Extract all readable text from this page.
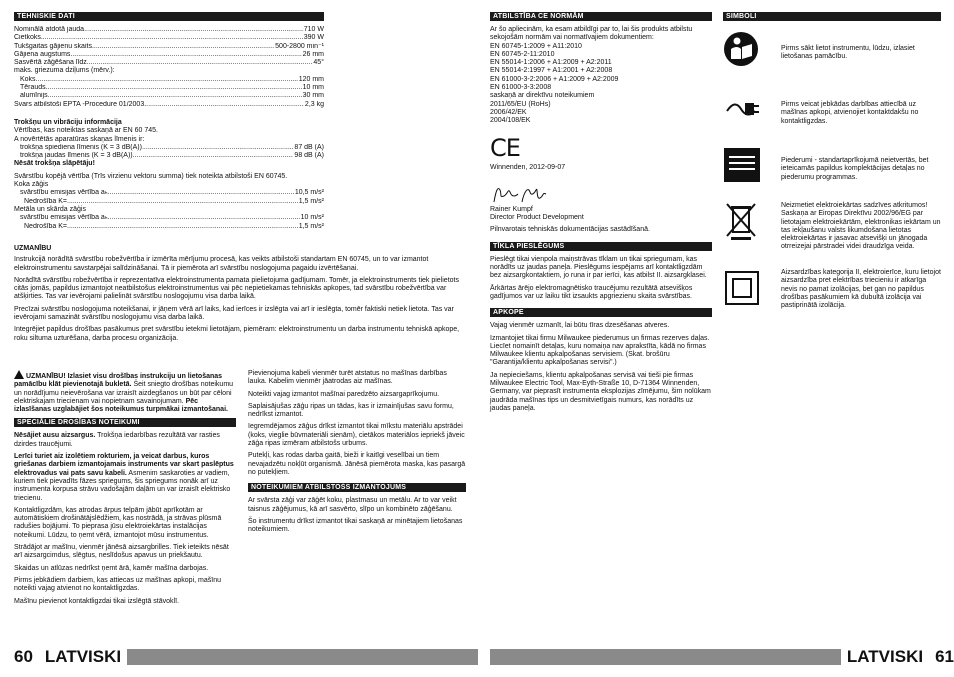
TEHNISKIE DATI
Nominālā atdotā jauda .....	710 W
Cietkoks .....	390 W
Tukšgaitas gājienu skaits .....	500-2800 min⁻¹
Gājiena augstums .....	26 mm
Sasvērtā zāģēšana līdz .....	45°
maks. griezuma dziļums (mērv.):
Koks .....	120 mm
Tērauds .....	10 mm
alumīnijs .....	30 mm
Svars atbilstoši EPTA -Procedure 01/2003 .....	2,3 kg
Trokšņu un vibrāciju informācija
Vērtības, kas noteiktas saskaņā ar EN 60 745.
A novērtētās aparatūras skaņas līmenis ir:
trokšņa spiediena līmenis (K = 3 dB(A)) .....	87 dB (A)
trokšņa jaudas līmenis (K = 3 dB(A)) .....	98 dB (A)
Nēsāt trokšņa slāpētāju!
Svārstību kopējā vērtība (Trīs virzienu vektoru summa) tiek noteikta atbilstoši EN 60745.
Koka zāģis
svārstību emisijas vērtība aₕ .....	10,5 m/s²
Nedrošība K= .....	1,5 m/s²
Metāla un skārda zāģis
svārstību emisijas vērtība aₕ .....	10 m/s²
Nedrošība K= .....	1,5 m/s²
UZMANĪBU

Instrukcijā norādītā svārstību robežvērtība ir izmērīta mērījumu procesā, kas veikts atbilstoši standartam EN 60745, un to var izmantot elektroinstrumentu savstarpējai salīdzināšanai. Tā ir piemērota arī svārstību noslogojuma pagaidu izvērtēšanai.

Norādītā svārstību robežvērtība ir reprezentatīva elektroinstrumenta pamata pielietojuma gadījumam. Tomēr, ja elektroinstruments tiek pielietots citās jomās, papildus izmantojot neatbilstošus elektroinstrumentus vai pēc nepietiekamas tehniskās apkopes, tad svārstību robežvērtība var atšķirties. Tas var ievērojami palielināt svārstību noslogojumu visa darba laikā.

Precīzai svārstību noslogojuma noteikšanai, ir jāņem vērā arī laiks, kad ierīces ir izslēgta vai arī ir ieslēgta, tomēr faktiski netiek lietota. Tas var ievērojami samazināt svārstību noslogojumu visa darba laikā.

Integrējiet papildus drošības pasākumus pret svārstību ietekmi lietotājam, piemēram: elektroinstrumentu un darba instrumentu tehniskā apkope, roku siltuma uzturēšana, darba procesu organizācija.

UZMANĪBU! Izlasiet visu drošības instrukciju un lietošanas pamācību klāt pievienotajā bukletā. Šeit sniegto drošības noteikumu un norādījumu neievērošana var izraisīt aizdegšanos un būt par cēloni elektriskajam triecienam vai nopietnam savainojumam. Pēc izlasīšanas uzglabājiet šos noteikumus turpmākai izmantošanai.

SPECIĀLIE DROŠĪBAS NOTEIKUMI

Nēsājiet ausu aizsargus. Trokšņa iedarbības rezultātā var rasties dzirdes traucējumi.

Lerīci turiet aiz izolētiem rokturiem, ja veicat darbus, kuros griešanas darbiem izmantojamais instruments var skart paslēptus elektrovadus vai pats savu kabeli. Asmenim saskaroties ar vadiem, kuriem tiek pievadīts fāzes spriegums, šis spriegums nonāk arī uz instrumenta korpusa strāvu vadošajām daļām un var izraisīt elektrisko triecienu.

Kontaktligzdām, kas atrodas ārpus telpām jābūt aprīkotām ar automātiskiem drošinātājslēdžiem, kas nostrādā, ja strāvas plūsmā radušies bojājumi. To pieprasa jūsu elektroiekārtas instalācijas noteikumi. Lūdzu, to ņemt vērā, izmantojot mūsu instrumentus.

Strādājot ar mašīnu, vienmēr jānēsā aizsargbrilles. Tiek ieteikts nēsāt arī aizsargcimdus, slēgtus, neslīdošus apavus un priekšautu.

Skaidas un atlūzas nedrīkst ņemt ārā, kamēr mašīna darbojas.

Pirms jebkādiem darbiem, kas attiecas uz mašīnas apkopi, mašīnu noteikti vajag atvienot no kontaktligzdas.

Mašīnu pievienot kontaktligzdai tikai izslēgtā stāvoklī.

Pievienojuma kabeli vienmēr turēt atstatus no mašīnas darbības lauka. Kabelim vienmēr jāatrodas aiz mašīnas.

Noteikti vajag izmantot mašīnai paredzēto aizsargaprīkojumu.

Saplaisājušas zāģu ripas un tādas, kas ir izmainījušas savu formu, nedrīkst izmantot.

Iegremdējamos zāģus drīkst izmantot tikai mīkstu materiālu apstrādei (koks, vieglie būvmateriāli sienām), cietākos materiālos iepriekš jāveic zāģa ripas izmēram atbilstošs urbums.

Putekļi, kas rodas darba gaitā, bieži ir kaitīgi veselībai un tiem nevajadzētu nokļūt organismā. Jānēsā piemērota maska, kas pasargā no putekļiem.

NOTEIKUMIEM ATBILSTOŠS IZMANTOJUMS

Ar svārsta zāģi var zāģēt koku, plastmasu un metālu. Ar to var veikt taisnus zāģējumus, kā arī sasvērto, slīpo un kombinēto zāģēšanu.

Šo instrumentu drīkst izmantot tikai saskaņā ar minētajiem lietošanas noteikumiem.

ATBILSTĪBA CE NORMĀM
Ar šo apliecinām, ka esam atbildīgi par to, lai šis produkts atbilstu sekojošām normām vai normatīvajiem dokumentiem:
EN 60745-1:2009 + A11:2010
EN 60745-2-11:2010
EN 55014-1:2006 + A1:2009 + A2:2011
EN 55014-2:1997 + A1:2001 + A2:2008
EN 61000-3-2:2006 + A1:2009 + A2:2009
EN 61000-3-3:2008
saskaņā ar direktīvu noteikumiem
2011/65/EU (RoHs)
2006/42/EK
2004/108/EK
CE
Winnenden, 2012-09-07
Rainer Kumpf
Director Product Development

Pilnvarotais tehniskās dokumentācijas sastādīšanā.

TĪKLA PIESLĒGUMS

Pieslēgt tikai vienpola maiņstrāvas tīklam un tikai spriegumam, kas norādīts uz jaudas paneļa. Pieslēgums iespējams arī kontaktligzdām bez aizsargkontaktiem, jo runa ir par ierīci, kas atbilst II. aizsargklasei.

Ārkārtas ārējo elektromagnētisko traucējumu rezultātā atsevišķos gadījumos var uz laiku tikt izsaukts apgriezienu skaita svārstības.

APKOPE

Vajag vienmēr uzmanīt, lai būtu tīras dzesēšanas atveres.

Izmantojiet tikai firmu Milwaukee piederumus un firmas rezerves daļas. Liecīet nomainīt detaļas, kuru nomaiņa nav aprakstīta, kādā no firmas Milwaukee klientu apkalpošanas servisiem. (Skat. brošūru "Garantija/klientu apkalpošanas servisi".)

Ja nepieciešams, klientu apkalpošanas servisā vai tieši pie firmas Milwaukee Electric Tool, Max-Eyth-Straße 10, D-71364 Winnenden, Germany, var pieprasīt instrumenta eksplozijas zīmējumu, šim nolūkam jaudrāda mašīnas tips un desmitvietīgais numurs, kas norādīts uz jaudas paneļa.

SIMBOLI
Pirms sākt lietot instrumentu, lūdzu, izlasiet lietošanas pamācību.
Pirms veicat jebkādas darbības attiecībā uz mašīnas apkopi, atvienojiet kontaktdakšu no kontaktligzdas.
Piederumi - standartaprīkojumā neietvertās, bet ieteicamās papildus komplektācijas detaļas no piederumu programmas.
Neizmetiet elektroiekārtas sadzīves atkritumos! Saskaņa ar Eiropas Direktīvu 2002/96/EG par lietotajam elektroiekārtām, elektronikas iekārtam un tas iekļaušanu valsts likumdošana lietotas elektroiekārtas ir jasavac atsevišķi un jānogada otrreizejai pārstradei videi draudzīga veida.
Aizsardzības kategorija II, elektroierīce, kuru lietojot aizsardzība pret elektrības triecieniu ir atkarīga nevis no pamat izolācijas, bet gan no papildus drošības pasākumiem kā dubultā izolācija vai pastiprinātā izolācija.
60 LATVISKI	LATVISKI 61
